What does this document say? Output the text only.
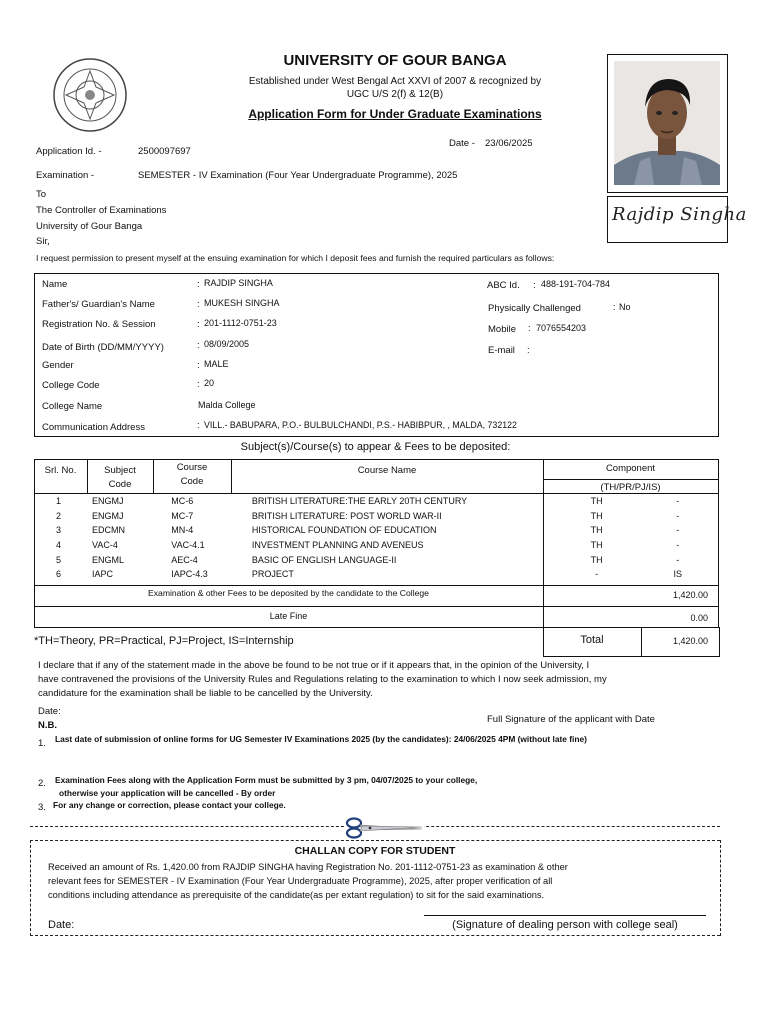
UNIVERSITY OF GOUR BANGA
Established under West Bengal Act XXVI of 2007 & recognized by
UGC U/S 2(f) & 12(B)
Application Form for Under Graduate Examinations
Date - 23/06/2025
Rajdip Singha
Application Id. -	2500097697
Examination -	SEMESTER - IV Examination (Four Year Undergraduate Programme), 2025
To
The Controller of Examinations
University of Gour Banga
Sir,
I request permission to present myself at the ensuing examination for which I deposit fees and furnish the required particulars as follows:
Name	: RAJDIP SINGHA
Father's/ Guardian's Name	: MUKESH SINGHA
Registration No. & Session	: 201-1112-0751-23
Date of Birth (DD/MM/YYYY)	: 08/09/2005
Gender	: MALE
College Code	: 20
College Name	Malda College
Communication Address	: VILL.- BABUPARA, P.O.- BULBULCHANDI, P.S.- HABIBPUR, , MALDA, 732122
ABC Id. : 488-191-704-784
Physically Challenged	: No
Mobile : 7076554203
E-mail :
Subject(s)/Course(s) to appear & Fees to be deposited:
Srl. No.	Subject
Code
Course
Code
Course Name	Component
(TH/PR/PJ/IS)
1	ENGMJ	MC-6	BRITISH LITERATURE:THE EARLY 20TH CENTURY	TH	-
2	ENGMJ	MC-7	BRITISH LITERATURE: POST WORLD WAR-II	TH	-
3	EDCMN	MN-4	HISTORICAL FOUNDATION OF EDUCATION	TH	-
4	VAC-4	VAC-4.1	INVESTMENT PLANNING AND AVENEUS	TH	-
5	ENGML	AEC-4	BASIC OF ENGLISH LANGUAGE-II	TH	-
6	IAPC	IAPC-4.3	PROJECT	-	IS
Examination & other Fees to be deposited by the candidate to the College	1,420.00
Late Fine	0.00
*TH=Theory, PR=Practical, PJ=Project, IS=Internship	Total	1,420.00
I declare that if any of the statement made in the above be found to be not true or if it appears that, in the opinion of the University, I
have contravened the provisions of the University Rules and Regulations relating to the examination to which I now seek admission, my
candidature for the examination shall be liable to be cancelled by the University.
Date:
Full Signature of the applicant with Date
N.B.
1. Last date of submission of online forms for UG Semester IV Examinations 2025 (by the candidates): 24/06/2025 4PM (without late fine)
2. Examination Fees along with the Application Form must be submitted by 3 pm, 04/07/2025 to your college,
otherwise your application will be cancelled - By order
3. For any change or correction, please contact your college.
CHALLAN COPY FOR STUDENT
Received an amount of Rs. 1,420.00 from RAJDIP SINGHA having Registration No. 201-1112-0751-23 as examination & other
relevant fees for SEMESTER - IV Examination (Four Year Undergraduate Programme), 2025, after proper verification of all
conditions including attendance as prerequisite of the candidate(as per extant regulation) to sit for the said examinations.
Date:	(Signature of dealing person with college seal)
